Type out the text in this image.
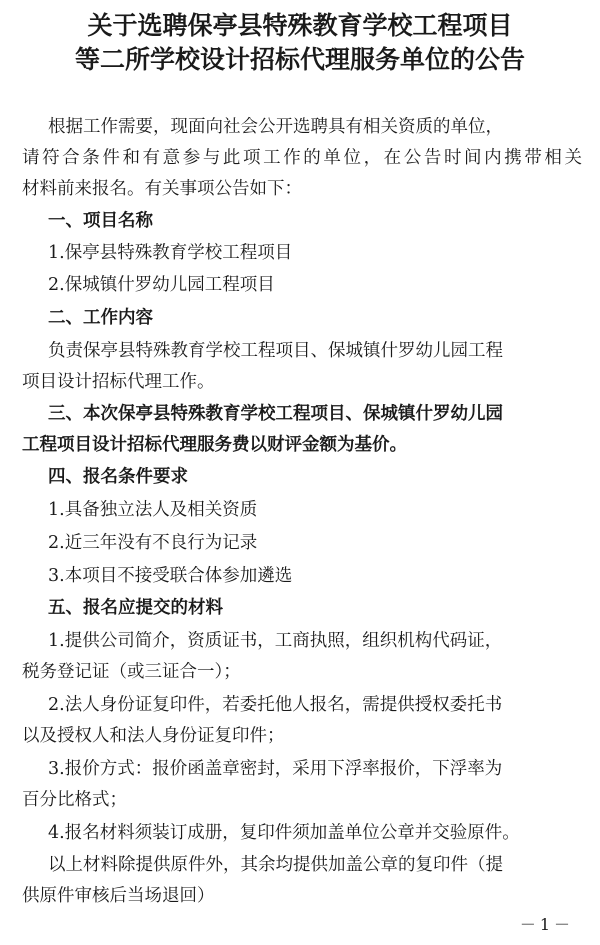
关于选聘保亭县特殊教育学校工程项目
等二所学校设计招标代理服务单位的公告
根据工作需要，现面向社会公开选聘具有相关资质的单位，
请符合条件和有意参与此项工作的单位，在公告时间内携带相关
材料前来报名。有关事项公告如下：
一、项目名称
1.保亭县特殊教育学校工程项目
2.保城镇什罗幼儿园工程项目
二、工作内容
负责保亭县特殊教育学校工程项目、保城镇什罗幼儿园工程
项目设计招标代理工作。
三、本次保亭县特殊教育学校工程项目、保城镇什罗幼儿园
工程项目设计招标代理服务费以财评金额为基价。
四、报名条件要求
1.具备独立法人及相关资质
2.近三年没有不良行为记录
3.本项目不接受联合体参加遴选
五、报名应提交的材料
1.提供公司简介，资质证书，工商执照，组织机构代码证，
税务登记证（或三证合一）；
2.法人身份证复印件，若委托他人报名，需提供授权委托书
以及授权人和法人身份证复印件；
3.报价方式：报价函盖章密封，采用下浮率报价，下浮率为
百分比格式；
4.报名材料须装订成册，复印件须加盖单位公章并交验原件。
以上材料除提供原件外，其余均提供加盖公章的复印件（提
供原件审核后当场退回）
－1－
